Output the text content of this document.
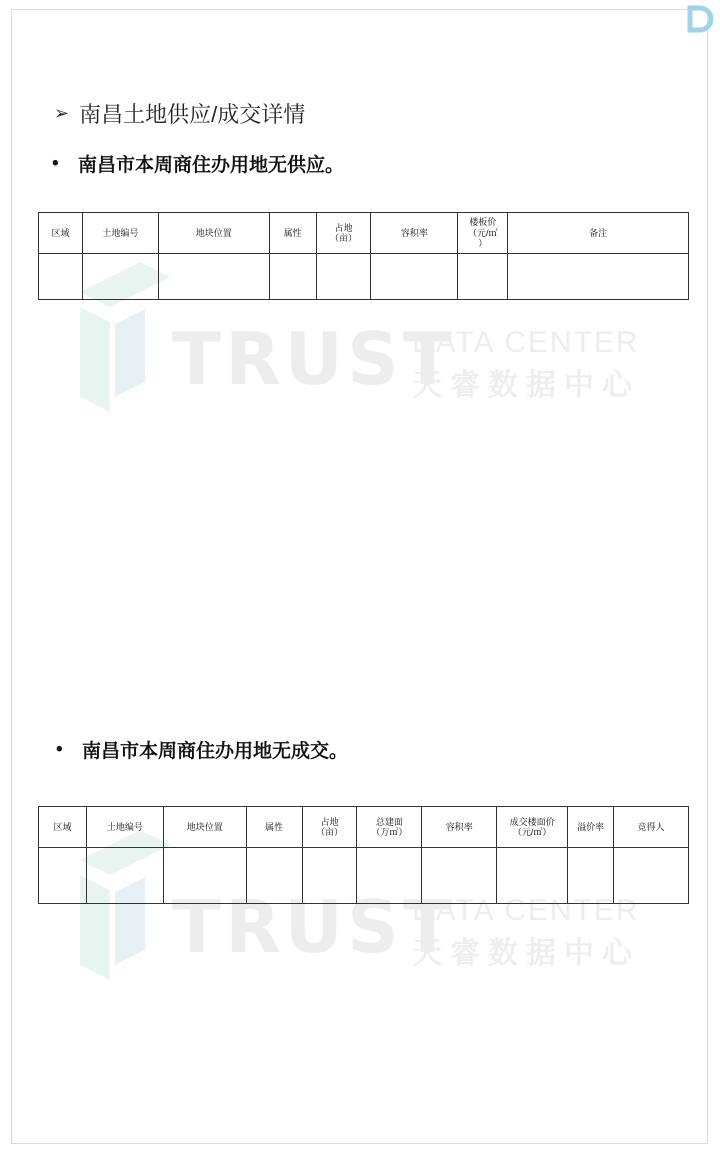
TRUST
DATA CENTER
天睿数据中心
TRUST
DATA CENTER
天睿数据中心
➢ 南昌土地供应/成交详情
•	南昌市本周商住办用地无供应。
区域	土地编号	地块位置	属性	占地
（亩）	容积率	楼板价
（元/㎡
）	备注

•	南昌市本周商住办用地无成交。
区域	土地编号	地块位置	属性	占地
（亩）	总建面
（万㎡）	容积率	成交楼面价
（元/㎡）	溢价率	竞得人
